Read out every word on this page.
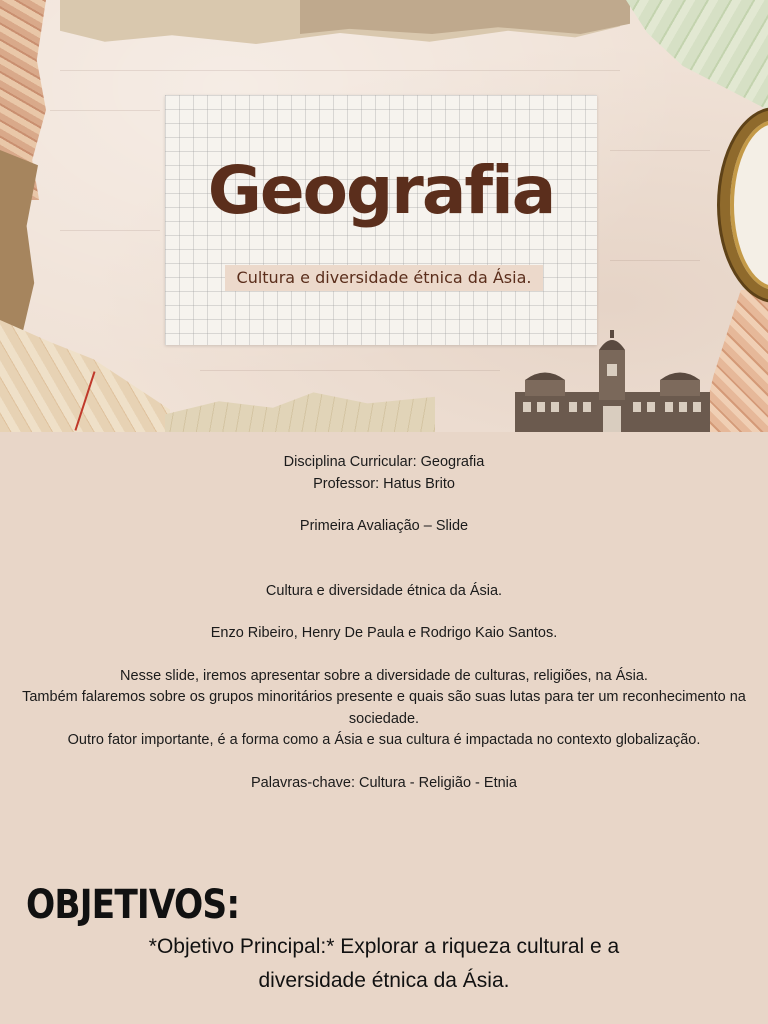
Geografia
Cultura e diversidade étnica da Ásia.

Disciplina Curricular: Geografia

Professor: Hatus Brito

Primeira Avaliação – Slide

Cultura e diversidade étnica da Ásia.

Enzo Ribeiro, Henry De Paula e Rodrigo Kaio Santos.

Nesse slide, iremos apresentar sobre a diversidade de culturas, religiões, na Ásia.

Também falaremos sobre os grupos minoritários presente e quais são suas lutas para ter um reconhecimento na sociedade.

Outro fator importante, é a forma como a Ásia e sua cultura é impactada no contexto globalização.

Palavras-chave: Cultura - Religião - Etnia

OBJETIVOS:
*Objetivo Principal:* Explorar a riqueza cultural e a
diversidade étnica da Ásia.
